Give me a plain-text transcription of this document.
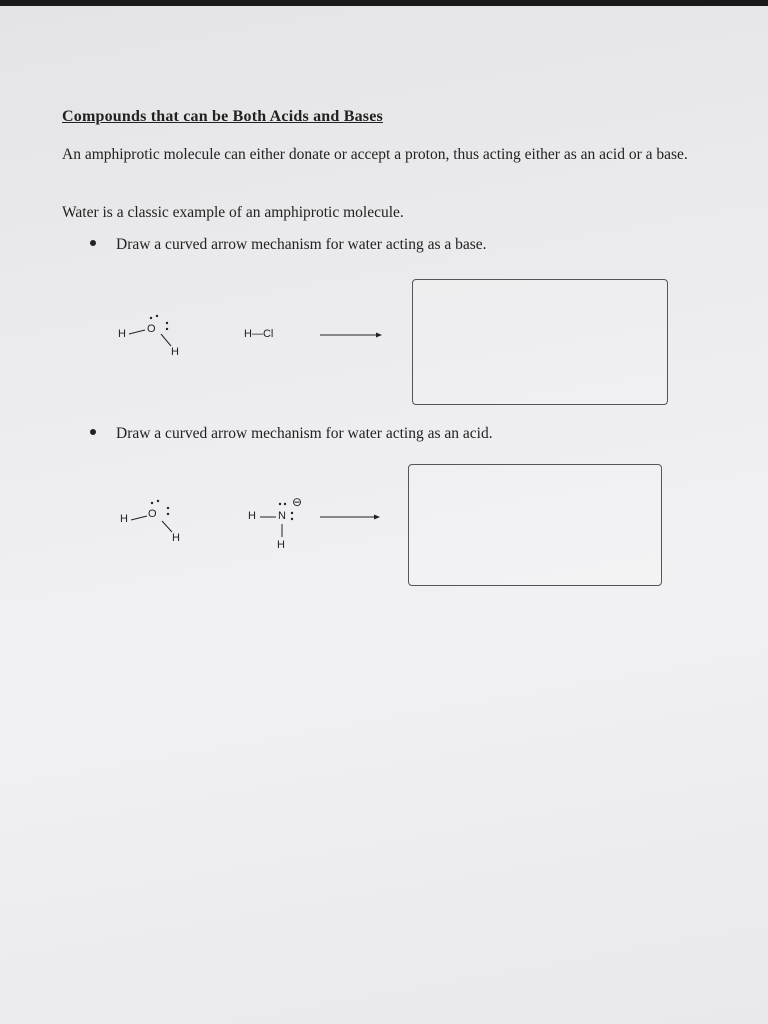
Compounds that can be Both Acids and Bases
An amphiprotic molecule can either donate or accept a proton, thus acting either as an acid or a base.
Water is a classic example of an amphiprotic molecule.
Draw a curved arrow mechanism for water acting as a base.
Draw a curved arrow mechanism for water acting as an acid.
H O
H
H—Cl
H O
H
H N
H
⊖
